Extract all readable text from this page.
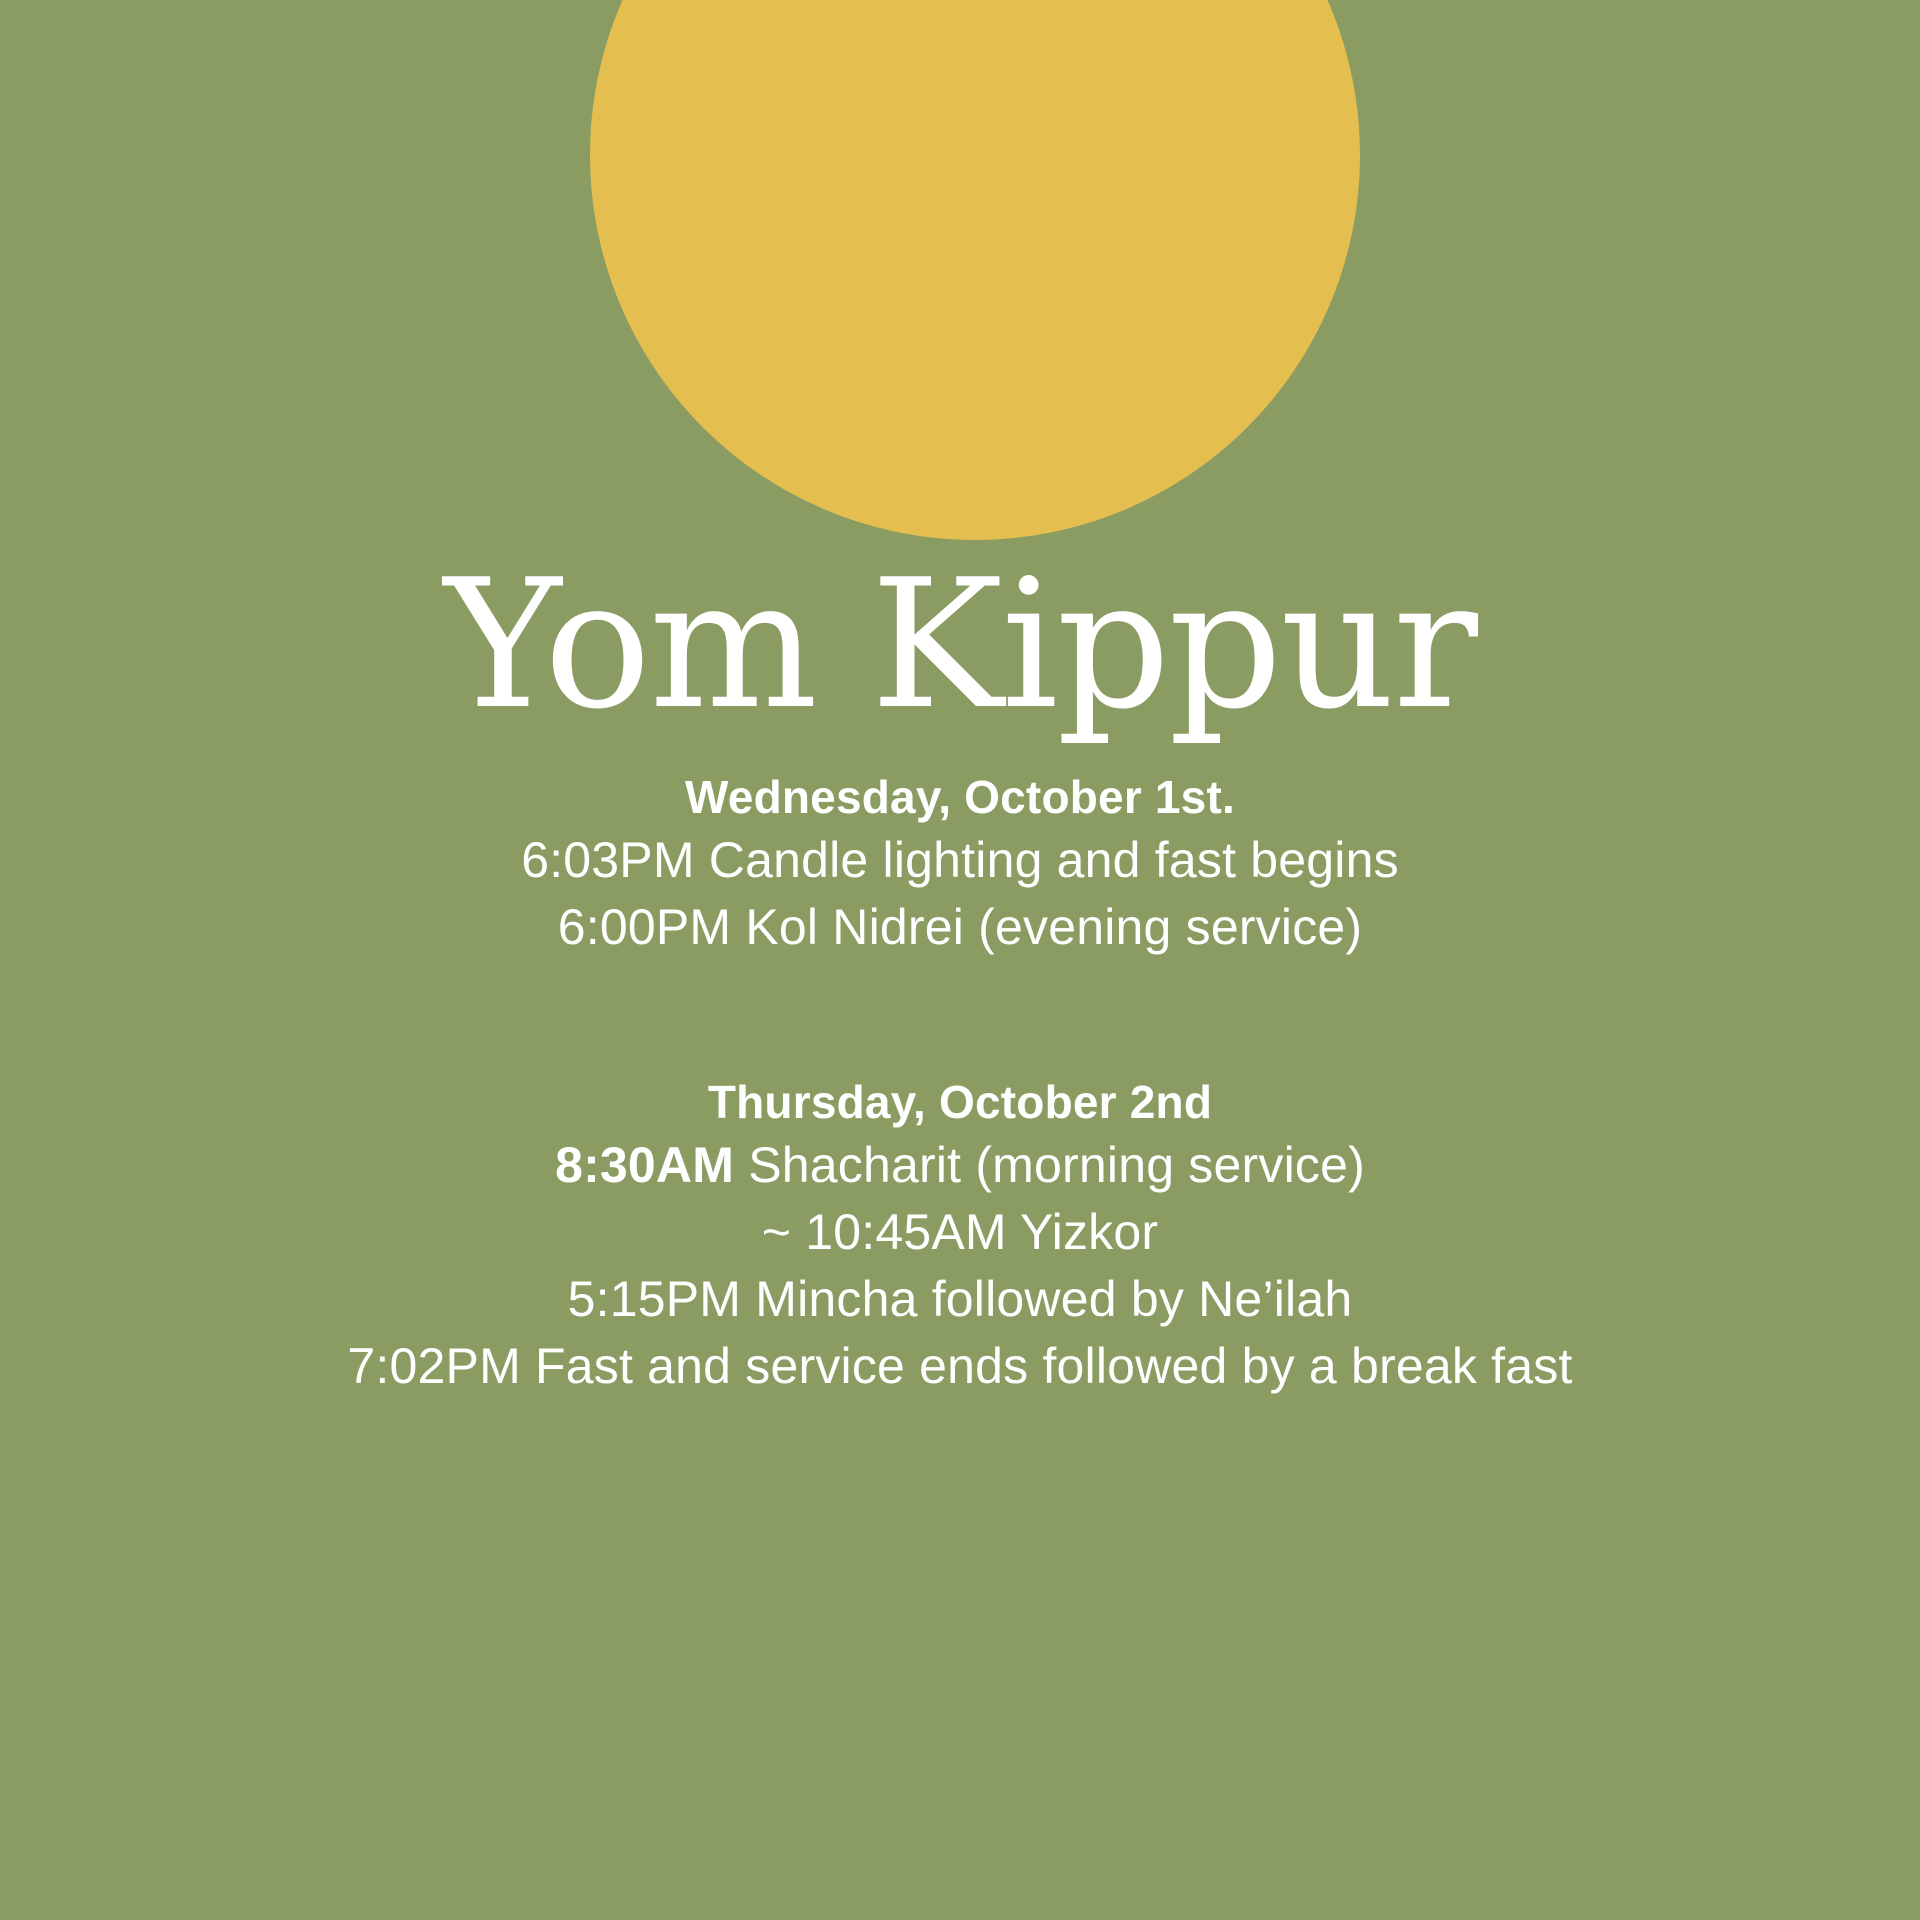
Yom Kippur
Wednesday, October 1st.
6:03PM Candle lighting and fast begins
6:00PM Kol Nidrei (evening service)
Thursday, October 2nd
8:30AM Shacharit (morning service)
~ 10:45AM Yizkor
5:15PM Mincha followed by Ne’ilah
7:02PM Fast and service ends followed by a break fast
